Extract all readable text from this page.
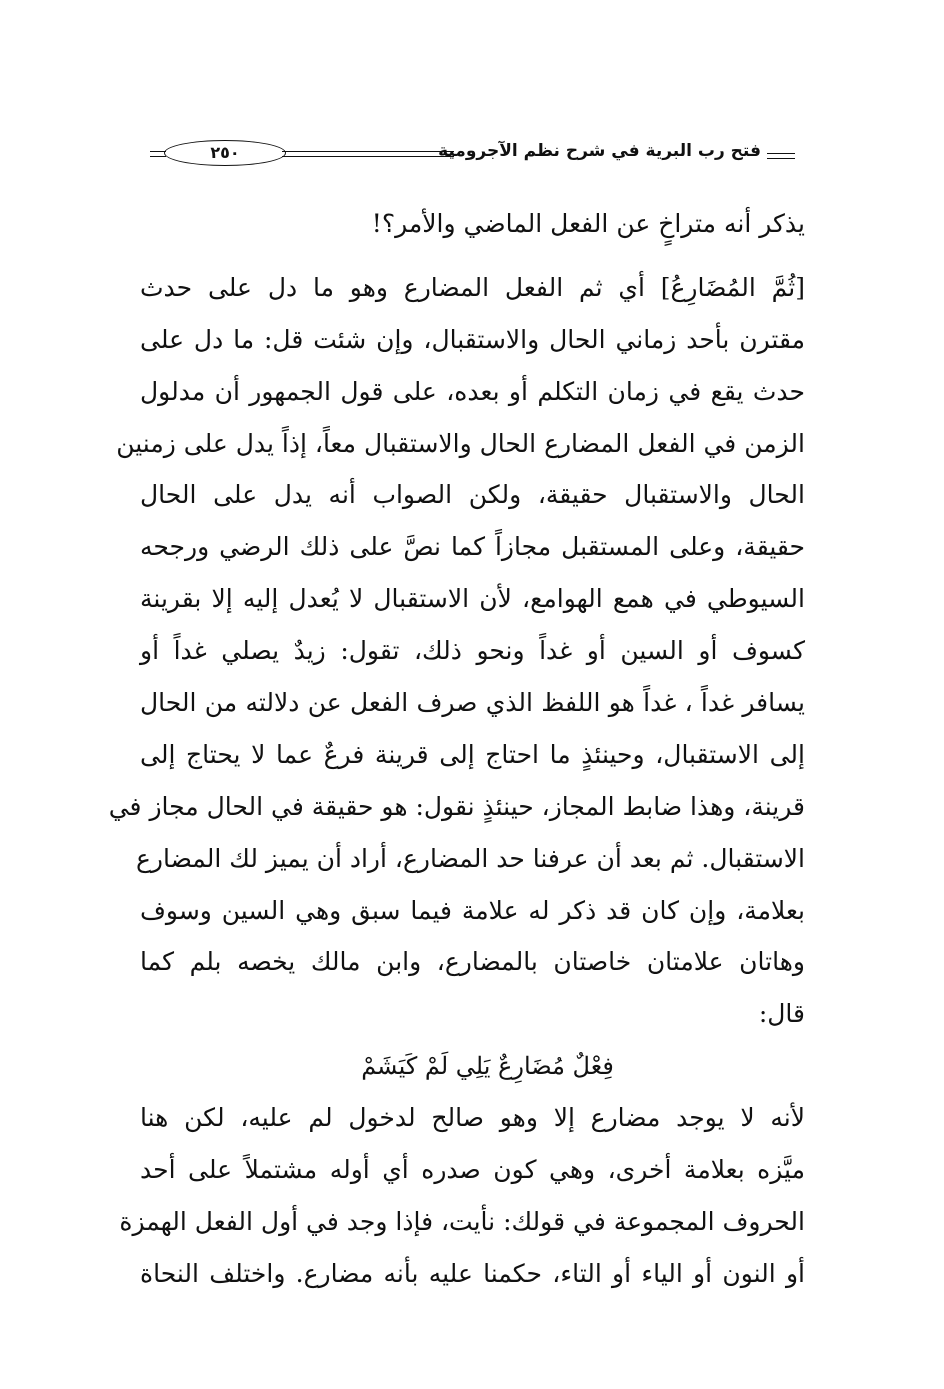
فتح رب البرية في شرح نظم الآجرومية
٢٥٠
يذكر أنه متراخٍ عن الفعل الماضي والأمر؟!
[ثُمَّ المُضَارِعُ] أي ثم الفعل المضارع وهو ما دل على حدث
مقترن بأحد زماني الحال والاستقبال، وإن شئت قل: ما دل على
حدث يقع في زمان التكلم أو بعده، على قول الجمهور أن مدلول
الزمن في الفعل المضارع الحال والاستقبال معاً، إذاً يدل على زمنين
الحال والاستقبال حقيقة، ولكن الصواب أنه يدل على الحال
حقيقة، وعلى المستقبل مجازاً كما نصَّ على ذلك الرضي ورجحه
السيوطي في همع الهوامع، لأن الاستقبال لا يُعدل إليه إلا بقرينة
كسوف أو السين أو غداً ونحو ذلك، تقول: زيدٌ يصلي غداً أو
يسافر غداً ، غداً هو اللفظ الذي صرف الفعل عن دلالته من الحال
إلى الاستقبال، وحينئذٍ ما احتاج إلى قرينة فرعٌ عما لا يحتاج إلى
قرينة، وهذا ضابط المجاز، حينئذٍ نقول: هو حقيقة في الحال مجاز في
الاستقبال. ثم بعد أن عرفنا حد المضارع، أراد أن يميز لك المضارع
بعلامة، وإن كان قد ذكر له علامة فيما سبق وهي السين وسوف
وهاتان علامتان خاصتان بالمضارع، وابن مالك يخصه بلم كما
قال:
فِعْلٌ مُضَارِعٌ يَلِي لَمْ كَيَشَمْ
لأنه لا يوجد مضارع إلا وهو صالح لدخول لم عليه، لكن هنا
ميَّزه بعلامة أخرى، وهي كون صدره أي أوله مشتملاً على أحد
الحروف المجموعة في قولك: نأيت، فإذا وجد في أول الفعل الهمزة
أو النون أو الياء أو التاء، حكمنا عليه بأنه مضارع. واختلف النحاة
